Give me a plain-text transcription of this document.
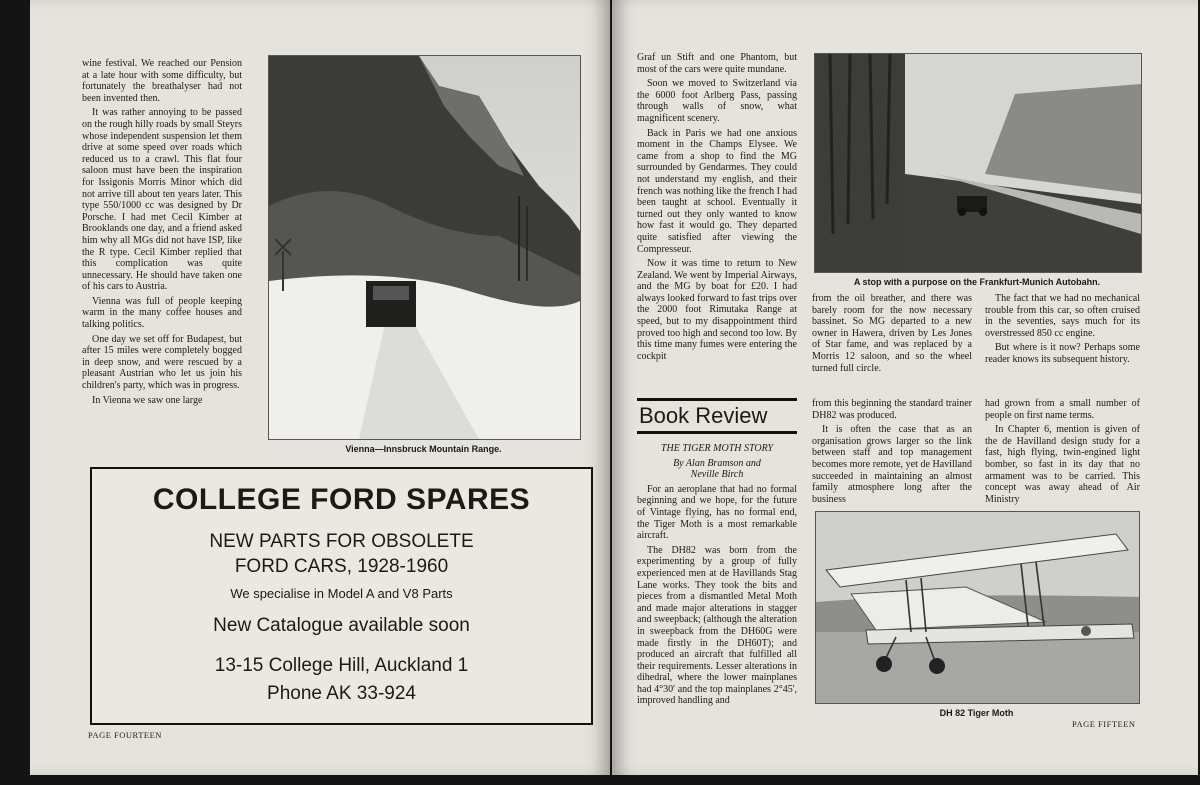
wine festival. We reached our Pension at a late hour with some difficulty, but fortunately the breathalyser had not been invented then.

It was rather annoying to be passed on the rough hilly roads by small Steyrs whose independent suspension let them drive at some speed over roads which reduced us to a crawl. This flat four saloon must have been the inspiration for Issigonis Morris Minor which did not arrive till about ten years later. This type 550/1000 cc was designed by Dr Porsche. I had met Cecil Kimber at Brooklands one day, and a friend asked him why all MGs did not have ISP, like the R type. Cecil Kimber replied that this complication was quite unnecessary. He should have taken one of his cars to Austria.

Vienna was full of people keeping warm in the many coffee houses and talking politics.

One day we set off for Budapest, but after 15 miles were completely bogged in deep snow, and were rescued by a pleasant Austrian who let us join his children's party, which was in progress.

In Vienna we saw one large

Vienna—Innsbruck Mountain Range.
COLLEGE FORD SPARES
NEW PARTS FOR OBSOLETE
FORD CARS, 1928-1960
We specialise in Model A and V8 Parts
New Catalogue available soon
13-15 College Hill, Auckland 1
Phone AK 33-924
PAGE FOURTEEN

Graf un Stift and one Phantom, but most of the cars were quite mundane.

Soon we moved to Switzerland via the 6000 foot Arlberg Pass, passing through walls of snow, what magnificent scenery.

Back in Paris we had one anxious moment in the Champs Elysee. We came from a shop to find the MG surrounded by Gendarmes. They could not understand my english, and their french was nothing like the french I had been taught at school. Eventually it turned out they only wanted to know how fast it would go. They departed quite satisfied after viewing the Compresseur.

Now it was time to return to New Zealand. We went by Imperial Airways, and the MG by boat for £20. I had always looked forward to fast trips over the 2000 foot Rimutaka Range at speed, but to my disappointment third proved too high and second too low. By this time many fumes were entering the cockpit

A stop with a purpose on the Frankfurt-Munich Autobahn.

from the oil breather, and there was barely room for the now necessary bassinet. So MG departed to a new owner in Hawera, driven by Les Jones of Star fame, and was replaced by a Morris 12 saloon, and so the wheel turned full circle.

The fact that we had no mechanical trouble from this car, so often cruised in the seventies, says much for its overstressed 850 cc engine.

But where is it now? Perhaps some reader knows its subsequent history.

Book Review

THE TIGER MOTH STORY

By Alan Bramson and

Neville Birch

For an aeroplane that had no formal beginning and we hope, for the future of Vintage flying, has no formal end, the Tiger Moth is a most remarkable aircraft.

The DH82 was born from the experimenting by a group of fully experienced men at de Havillands Stag Lane works. They took the bits and pieces from a dismantled Metal Moth and made major alterations in stagger and sweepback; (although the alteration in sweepback from the DH60G were made firstly in the DH60T); and produced an aircraft that fulfilled all their requirements. Lesser alterations in dihedral, where the lower mainplanes had 4°30' and the top mainplanes 2°45', improved handling and

from this beginning the standard trainer DH82 was produced.

It is often the case that as an organisation grows larger so the link between staff and top management becomes more remote, yet de Havilland succeeded in maintaining an almost family atmosphere long after the business

had grown from a small number of people on first name terms.

In Chapter 6, mention is given of the de Havilland design study for a fast, high flying, twin-engined light bomber, so fast in its day that no armament was to be carried. This concept was away ahead of Air Ministry

DH 82 Tiger Moth
PAGE FIFTEEN
